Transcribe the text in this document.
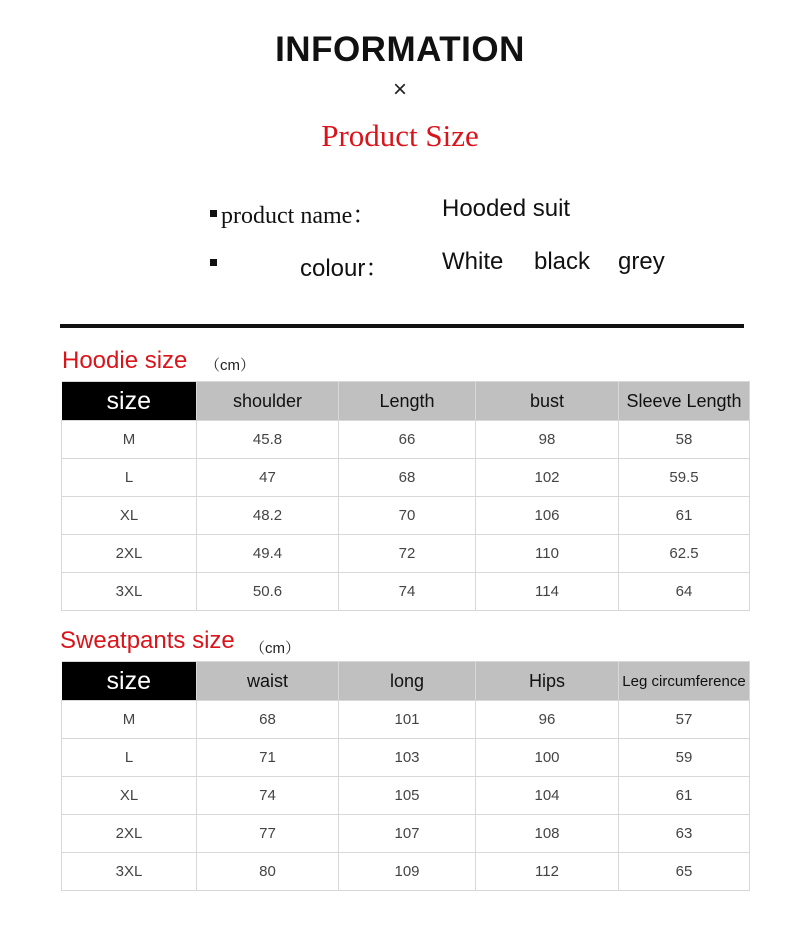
INFORMATION
×
Product Size
product name：	Hooded suit
colour： White black grey
Hoodie size （cm）
size	shoulder	Length	bust	Sleeve Length
M	45.8	66	98	58
L	47	68	102	59.5
XL	48.2	70	106	61
2XL	49.4	72	110	62.5
3XL	50.6	74	114	64
Sweatpants size （cm）
size	waist	long	Hips	Leg circumference
M	68	101	96	57
L	71	103	100	59
XL	74	105	104	61
2XL	77	107	108	63
3XL	80	109	112	65
